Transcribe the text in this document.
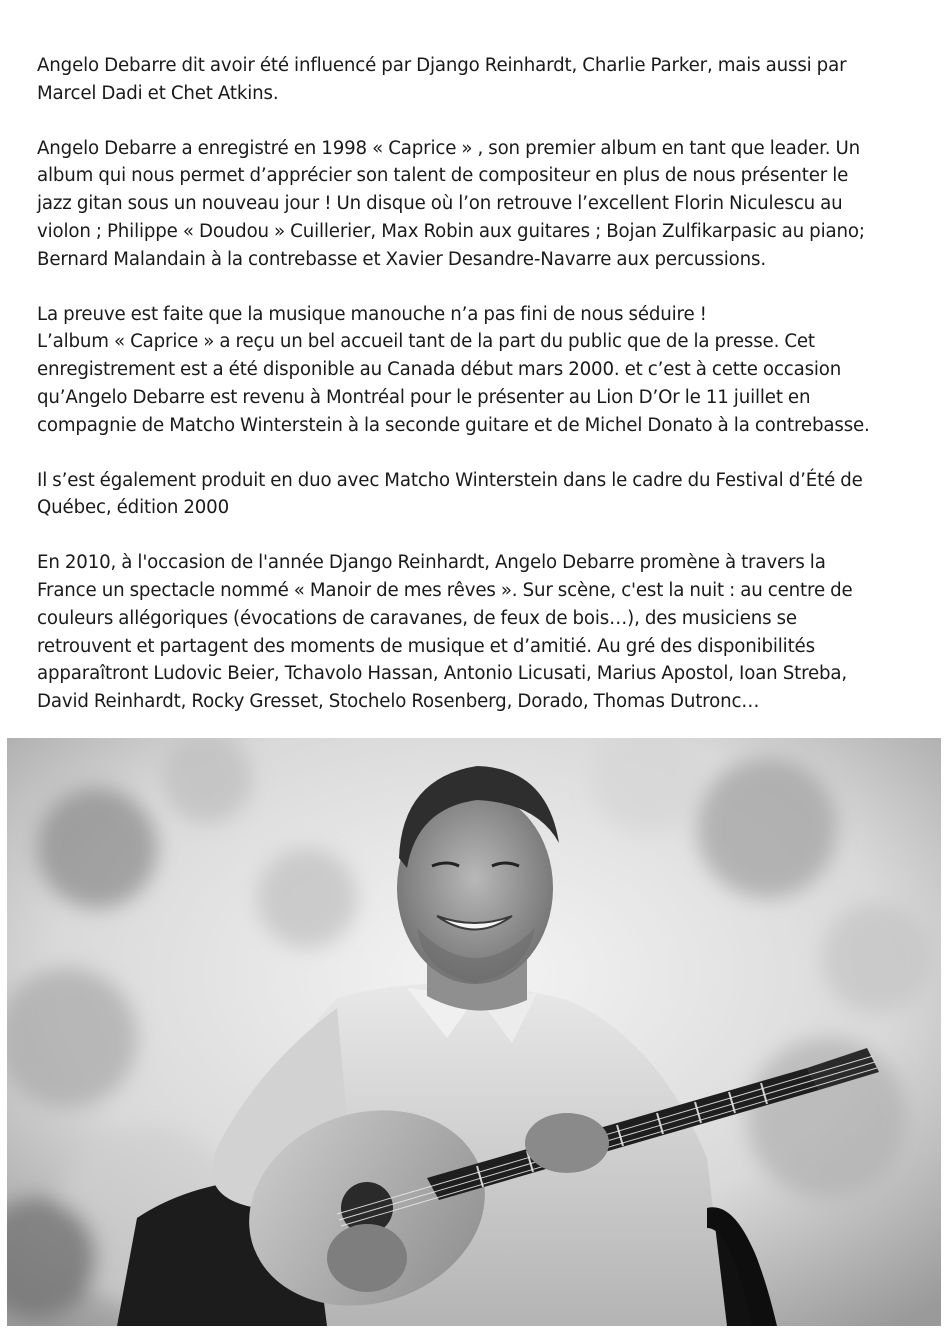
Angelo Debarre dit avoir été influencé par Django Reinhardt, Charlie Parker, mais aussi par
Marcel Dadi et Chet Atkins.

Angelo Debarre a enregistré en 1998 « Caprice » , son premier album en tant que leader. Un
album qui nous permet d’apprécier son talent de compositeur en plus de nous présenter le
jazz gitan sous un nouveau jour ! Un disque où l’on retrouve l’excellent Florin Niculescu au
violon ; Philippe « Doudou » Cuillerier, Max Robin aux guitares ; Bojan Zulfikarpasic au piano;
Bernard Malandain à la contrebasse et Xavier Desandre-Navarre aux percussions.

La preuve est faite que la musique manouche n’a pas fini de nous séduire !
L’album « Caprice » a reçu un bel accueil tant de la part du public que de la presse. Cet
enregistrement est a été disponible au Canada début mars 2000. et c’est à cette occasion
qu’Angelo Debarre est revenu à Montréal pour le présenter au Lion D’Or le 11 juillet en
compagnie de Matcho Winterstein à la seconde guitare et de Michel Donato à la contrebasse.

Il s’est également produit en duo avec Matcho Winterstein dans le cadre du Festival d’Été de
Québec, édition 2000

En 2010, à l'occasion de l'année Django Reinhardt, Angelo Debarre promène à travers la
France un spectacle nommé « Manoir de mes rêves ». Sur scène, c'est la nuit : au centre de
couleurs allégoriques (évocations de caravanes, de feux de bois…), des musiciens se
retrouvent et partagent des moments de musique et d’amitié. Au gré des disponibilités
apparaîtront Ludovic Beier, Tchavolo Hassan, Antonio Licusati, Marius Apostol, Ioan Streba,
David Reinhardt, Rocky Gresset, Stochelo Rosenberg, Dorado, Thomas Dutronc…
